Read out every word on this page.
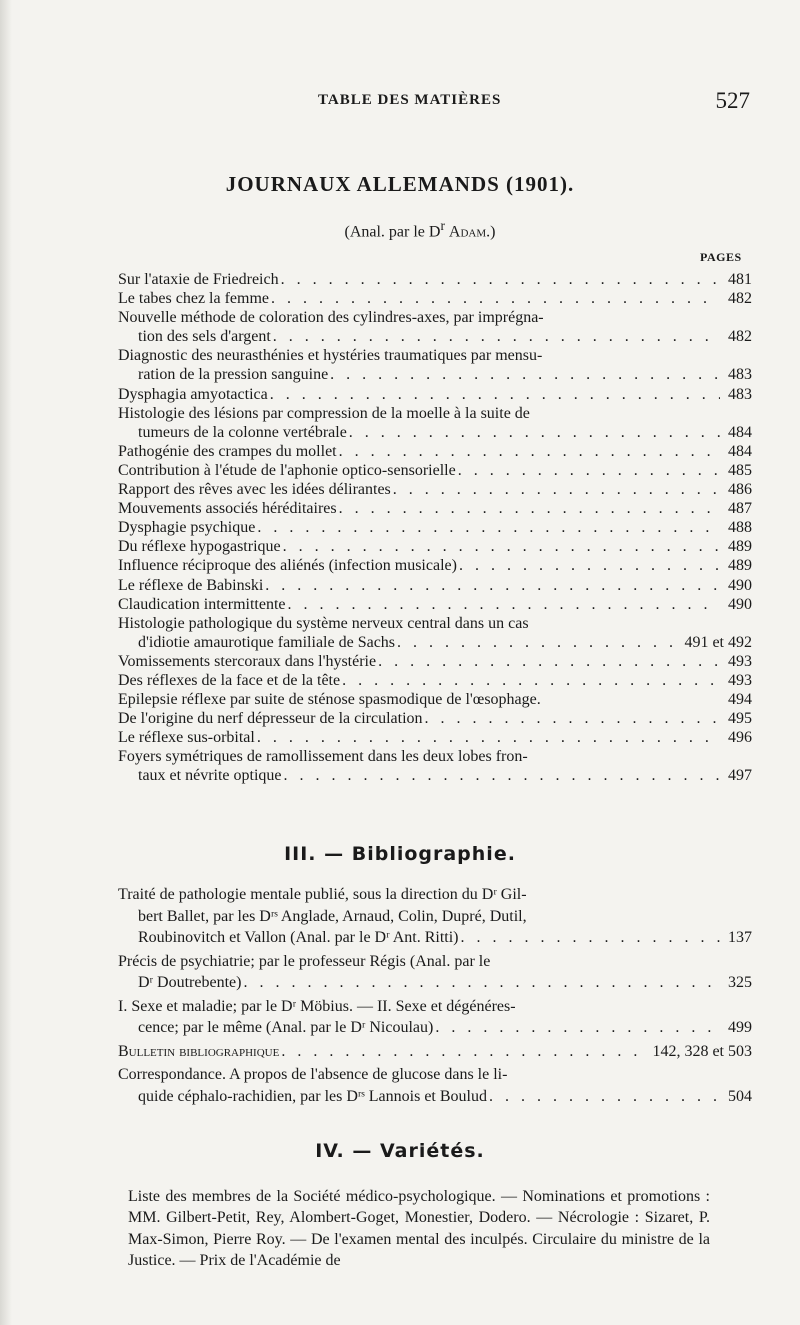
TABLE DES MATIÈRES	527
JOURNAUX ALLEMANDS (1901).
(Anal. par le $D^r$ Adam.)
PAGES
Sur l'ataxie de Friedreich . . .	481
Le tabes chez la femme . . .	482
Nouvelle méthode de coloration des cylindres-axes, par imprégna-
tion des sels d'argent . . .	482
Diagnostic des neurasthénies et hystéries traumatiques par mensu-
ration de la pression sanguine . . .	483
Dysphagia amyotactica . . .	483
Histologie des lésions par compression de la moelle à la suite de
tumeurs de la colonne vertébrale . . .	484
Pathogénie des crampes du mollet . . .	484
Contribution à l'étude de l'aphonie optico-sensorielle . . .	485
Rapport des rêves avec les idées délirantes . . .	486
Mouvements associés héréditaires . . .	487
Dysphagie psychique . . .	488
Du réflexe hypogastrique . . .	489
Influence réciproque des aliénés (infection musicale) . . .	489
Le réflexe de Babinski . . .	490
Claudication intermittente . . .	490
Histologie pathologique du système nerveux central dans un cas
d'idiotie amaurotique familiale de Sachs . . .	491 et 492
Vomissements stercoraux dans l'hystérie . . .	493
Des réflexes de la face et de la tête . . .	493
Epilepsie réflexe par suite de sténose spasmodique de l'œsophage.	494
De l'origine du nerf dépresseur de la circulation . . .	495
Le réflexe sus-orbital . . .	496
Foyers symétriques de ramollissement dans les deux lobes fron-
taux et névrite optique . . .	497
III. — Bibliographie.
Traité de pathologie mentale publié, sous la direction du Dʳ Gil-
bert Ballet, par les Dʳˢ Anglade, Arnaud, Colin, Dupré, Dutil,
Roubinovitch et Vallon (Anal. par le Dʳ Ant. Ritti) . . .	137
Précis de psychiatrie; par le professeur Régis (Anal. par le
Dʳ Doutrebente) . . .	325
I. Sexe et maladie; par le Dʳ Möbius. — II. Sexe et dégénéres-
cence; par le même (Anal. par le Dʳ Nicoulau) . . .	499
Bulletin bibliographique . . .	142, 328 et 503
Correspondance. A propos de l'absence de glucose dans le li-
quide céphalo-rachidien, par les Dʳˢ Lannois et Boulud . . .	504
IV. — Variétés.
Liste des membres de la Société médico-psychologique. — Nominations et promotions : MM. Gilbert-Petit, Rey, Alombert-Goget, Monestier, Dodero. — Nécrologie : Sizaret, P. Max-Simon, Pierre Roy. — De l'examen mental des inculpés. Circulaire du ministre de la Justice. — Prix de l'Académie de
